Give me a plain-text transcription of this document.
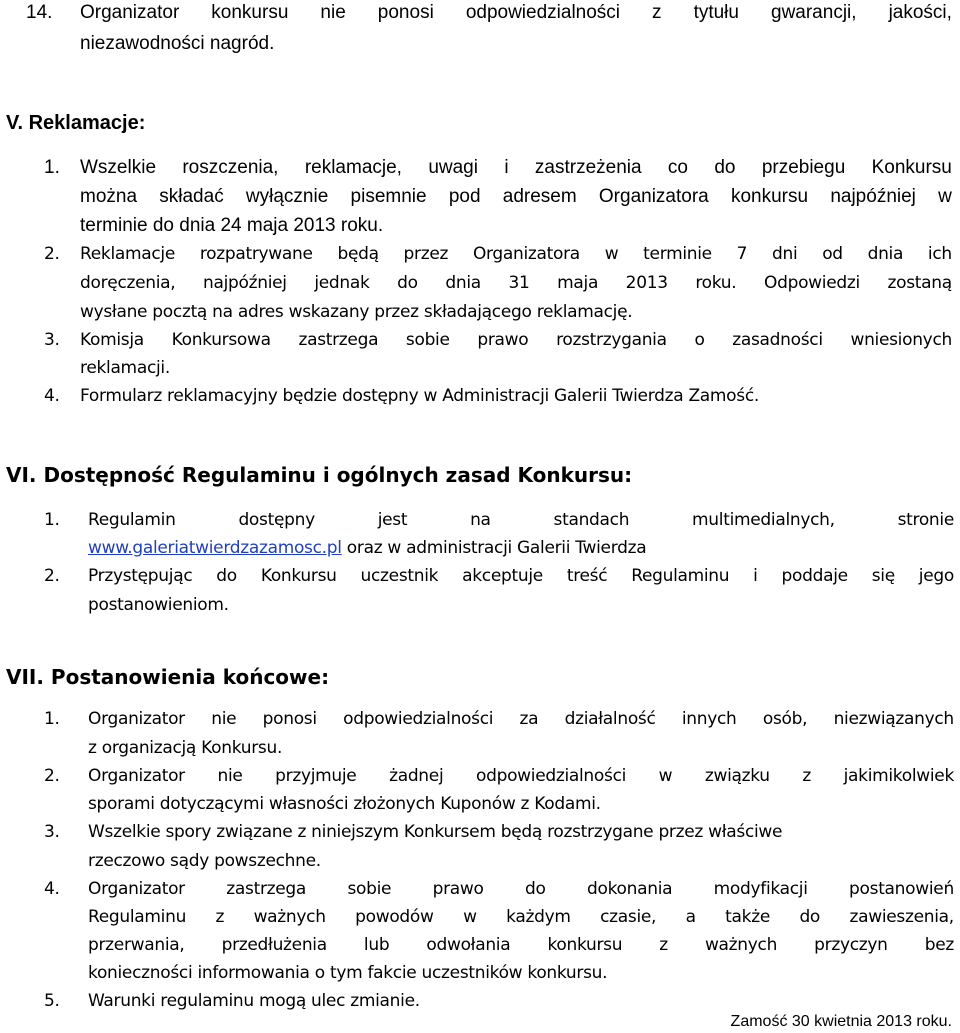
14. Organizator konkursu nie ponosi odpowiedzialności z tytułu gwarancji, jakości,
niezawodności nagród.
V. Reklamacje:
1. Wszelkie roszczenia, reklamacje, uwagi i zastrzeżenia co do przebiegu Konkursu
można składać wyłącznie pisemnie pod adresem Organizatora konkursu najpóźniej w
terminie do dnia 24 maja 2013 roku.
2. Reklamacje rozpatrywane będą przez Organizatora w terminie 7 dni od dnia ich
doręczenia, najpóźniej jednak do dnia 31 maja 2013 roku. Odpowiedzi zostaną
wysłane pocztą na adres wskazany przez składającego reklamację.
3. Komisja Konkursowa zastrzega sobie prawo rozstrzygania o zasadności wniesionych
reklamacji.
4. Formularz reklamacyjny będzie dostępny w Administracji Galerii Twierdza Zamość.
VI. Dostępność Regulaminu i ogólnych zasad Konkursu:
1. Regulamin	dostępny	jest	na	standach	multimedialnych,	stronie
www.galeriatwierdzazamosc.pl oraz w administracji Galerii Twierdza
2. Przystępując do Konkursu uczestnik akceptuje treść Regulaminu i poddaje się jego
postanowieniom.
VII. Postanowienia końcowe:
1. Organizator nie ponosi odpowiedzialności za działalność innych osób, niezwiązanych
z organizacją Konkursu.
2. Organizator nie przyjmuje żadnej odpowiedzialności w związku z jakimikolwiek
sporami dotyczącymi własności złożonych Kuponów z Kodami.
3. Wszelkie spory związane z niniejszym Konkursem będą rozstrzygane przez właściwe
rzeczowo sądy powszechne.
4. Organizator zastrzega sobie prawo do dokonania modyfikacji postanowień
Regulaminu z ważnych powodów w każdym czasie, a także do zawieszenia,
przerwania, przedłużenia lub odwołania konkursu z ważnych przyczyn bez
konieczności informowania o tym fakcie uczestników konkursu.
5. Warunki regulaminu mogą ulec zmianie.
Zamość 30 kwietnia 2013 roku.
